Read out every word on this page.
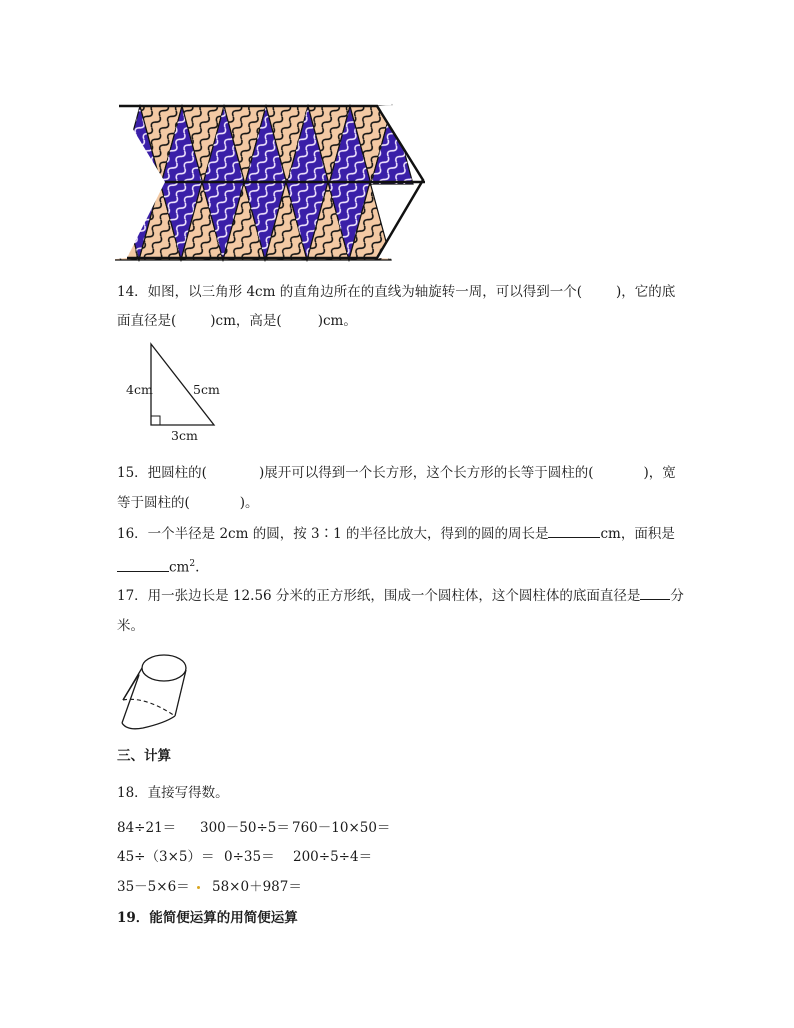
14．如图，以三角形 4cm 的直角边所在的直线为轴旋转一周，可以得到一个(	)，它的底
面直径是(	)cm，高是(	)cm。
4cm	5cm
3cm
15．把圆柱的(	)展开可以得到一个长方形，这个长方形的长等于圆柱的(	)，宽
等于圆柱的(	)。
16．一个半径是 2cm 的圆，按 3∶1 的半径比放大，得到的圆的周长是	cm，面积是
$cm^2$.
17．用一张边长是 12.56 分米的正方形纸，围成一个圆柱体，这个圆柱体的底面直径是 分
米。
三、计算
18．直接写得数。
84÷21＝ 300－50÷5＝ 760－10×50＝
45÷（3×5）＝ 0÷35＝ 200÷5÷4＝
35－5×6＝ 58×0＋987＝
19．能简便运算的用简便运算
